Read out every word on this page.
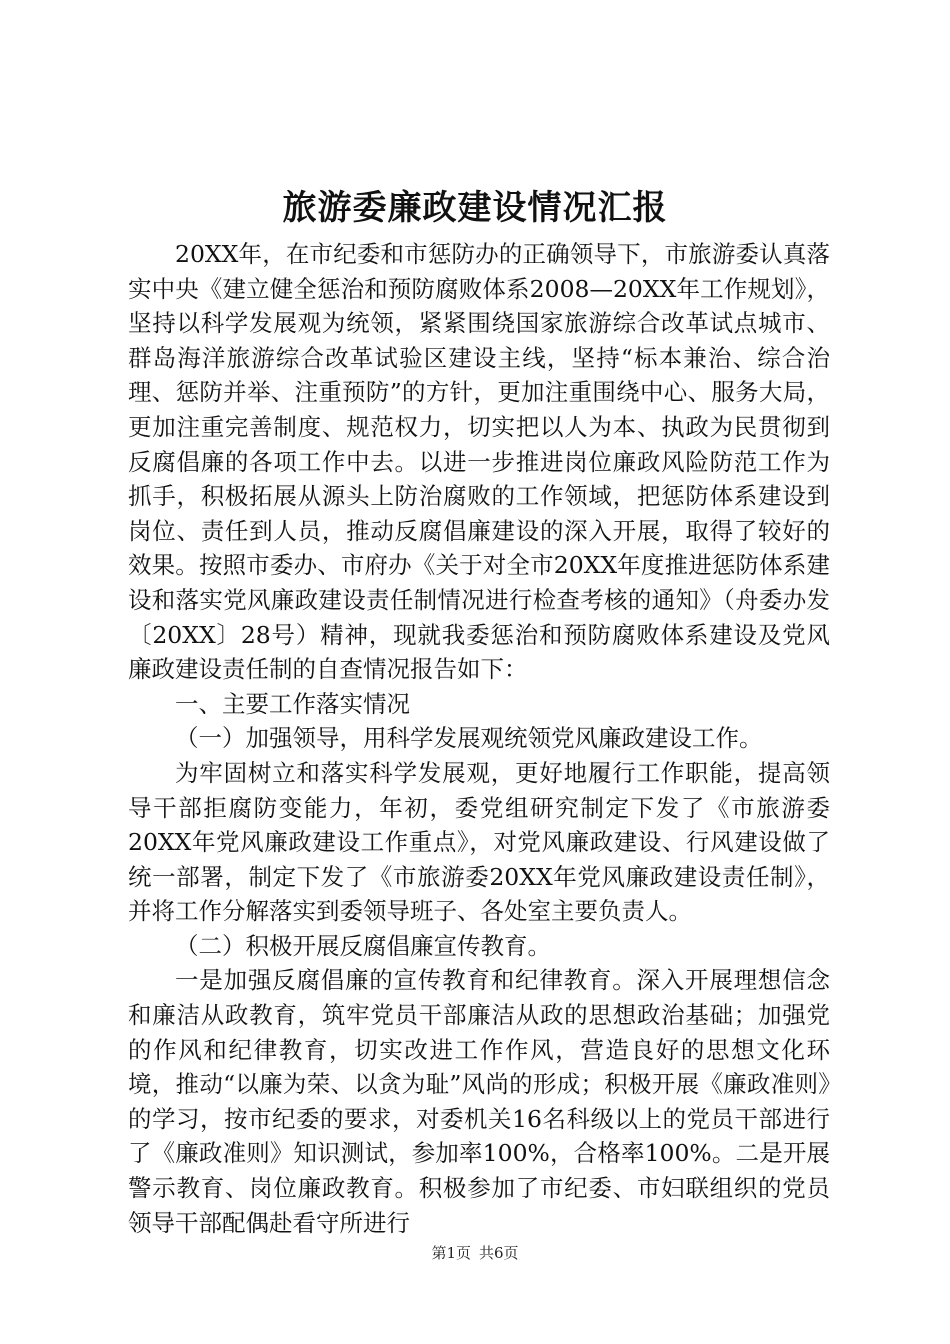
旅游委廉政建设情况汇报

20XX年，在市纪委和市惩防办的正确领导下，市旅游委认真落实中央《建立健全惩治和预防腐败体系2008—20XX年工作规划》，坚持以科学发展观为统领，紧紧围绕国家旅游综合改革试点城市、群岛海洋旅游综合改革试验区建设主线，坚持“标本兼治、综合治理、惩防并举、注重预防”的方针，更加注重围绕中心、服务大局，更加注重完善制度、规范权力，切实把以人为本、执政为民贯彻到反腐倡廉的各项工作中去。以进一步推进岗位廉政风险防范工作为抓手，积极拓展从源头上防治腐败的工作领域，把惩防体系建设到岗位、责任到人员，推动反腐倡廉建设的深入开展，取得了较好的效果。按照市委办、市府办《关于对全市20XX年度推进惩防体系建设和落实党风廉政建设责任制情况进行检查考核的通知》（舟委办发〔20XX〕28号）精神，现就我委惩治和预防腐败体系建设及党风廉政建设责任制的自查情况报告如下：

一、主要工作落实情况

（一）加强领导，用科学发展观统领党风廉政建设工作。

为牢固树立和落实科学发展观，更好地履行工作职能，提高领导干部拒腐防变能力，年初，委党组研究制定下发了《市旅游委20XX年党风廉政建设工作重点》，对党风廉政建设、行风建设做了统一部署，制定下发了《市旅游委20XX年党风廉政建设责任制》，并将工作分解落实到委领导班子、各处室主要负责人。

（二）积极开展反腐倡廉宣传教育。

一是加强反腐倡廉的宣传教育和纪律教育。深入开展理想信念和廉洁从政教育，筑牢党员干部廉洁从政的思想政治基础；加强党的作风和纪律教育，切实改进工作作风，营造良好的思想文化环境，推动“以廉为荣、以贪为耻”风尚的形成；积极开展《廉政准则》的学习，按市纪委的要求，对委机关16名科级以上的党员干部进行了《廉政准则》知识测试，参加率100%，合格率100%。二是开展警示教育、岗位廉政教育。积极参加了市纪委、市妇联组织的党员领导干部配偶赴看守所进行

第1页 共6页
